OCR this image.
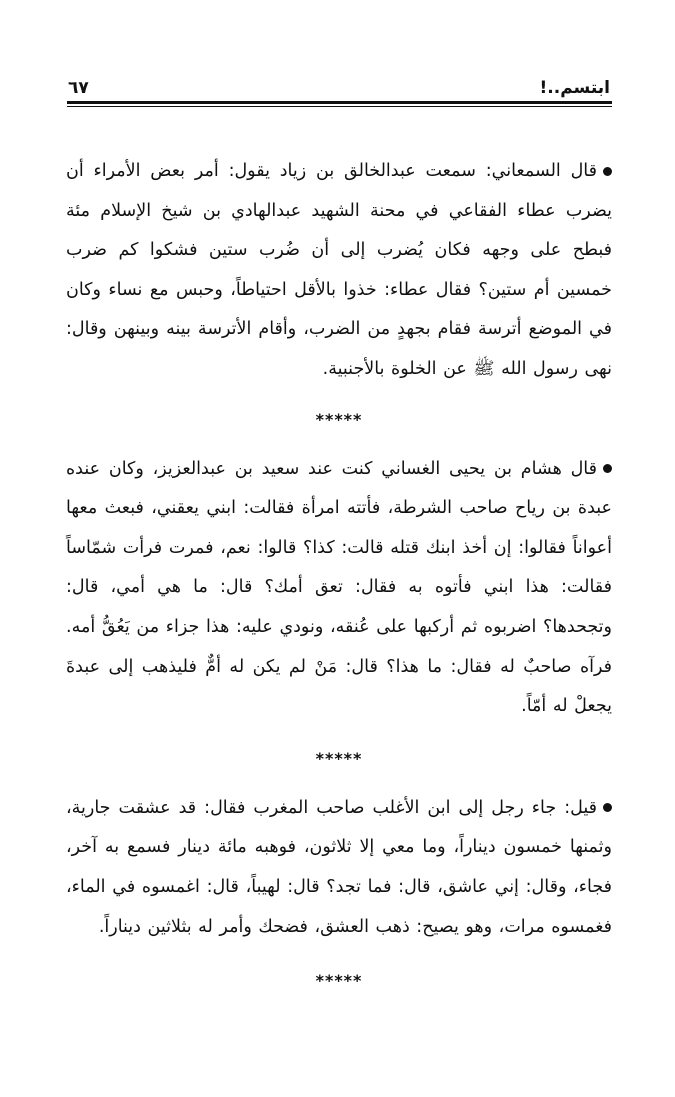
ابتسم..!
٦٧

قال السمعاني: سمعت عبدالخالق بن زياد يقول: أمر بعض الأمراء أن يضرب عطاء الفقاعي في محنة الشهيد عبدالهادي بن شيخ الإسلام مئة فبطح على وجهه فكان يُضرب إلى أن ضُرب ستين فشكوا كم ضرب خمسين أم ستين؟ فقال عطاء: خذوا بالأقل احتياطاً، وحبس مع نساء وكان في الموضع أترسة فقام بجهدٍ من الضرب، وأقام الأترسة بينه وبينهن وقال: نهى رسول الله ﷺ عن الخلوة بالأجنبية.

*****

قال هشام بن يحيى الغساني كنت عند سعيد بن عبدالعزيز، وكان عنده عبدة بن رياح صاحب الشرطة، فأتته امرأة فقالت: ابني يعقني، فبعث معها أعواناً فقالوا: إن أخذ ابنك قتله قالت: كذا؟ قالوا: نعم، فمرت فرأت شمّاساً فقالت: هذا ابني فأتوه به فقال: تعق أمك؟ قال: ما هي أمي، قال: وتجحدها؟ اضربوه ثم أركبها على عُنقه، ونودي عليه: هذا جزاء من يَعُقُّ أمه. فرآه صاحبٌ له فقال: ما هذا؟ قال: مَنْ لم يكن له أمٌّ فليذهب إلى عبدةَ يجعلْ له أمّاً.

*****

قيل: جاء رجل إلى ابن الأغلب صاحب المغرب فقال: قد عشقت جارية، وثمنها خمسون ديناراً، وما معي إلا ثلاثون، فوهبه مائة دينار فسمع به آخر، فجاء، وقال: إني عاشق، قال: فما تجد؟ قال: لهيباً، قال: اغمسوه في الماء، فغمسوه مرات، وهو يصيح: ذهب العشق، فضحك وأمر له بثلاثين ديناراً.

*****
